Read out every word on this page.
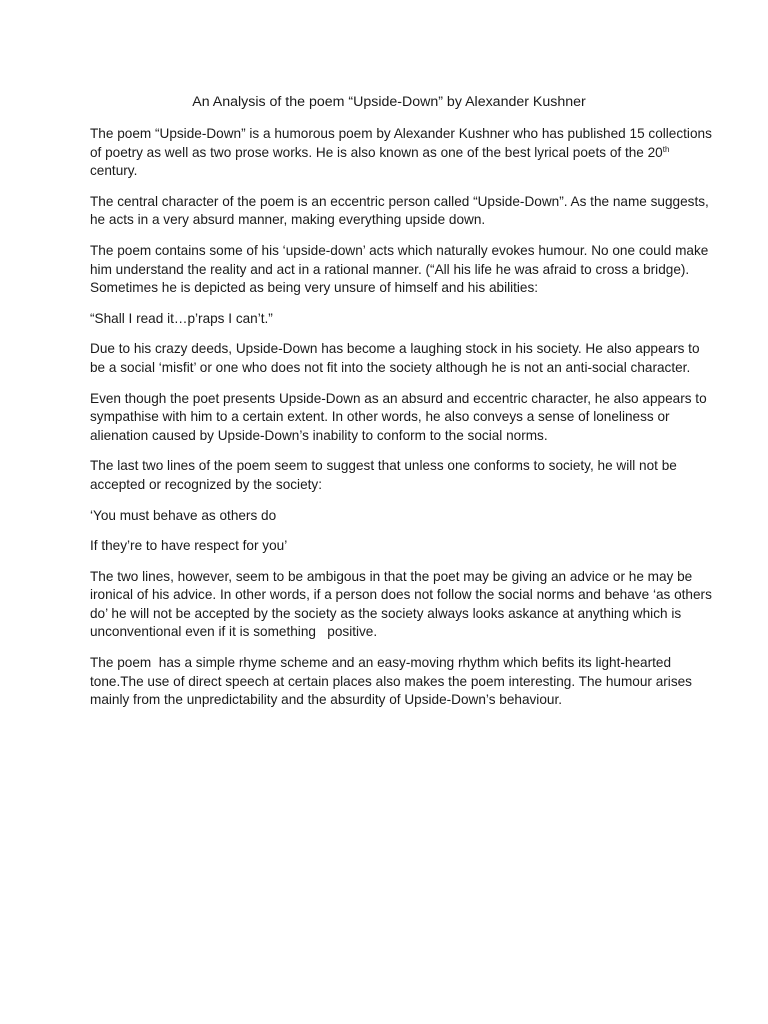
An Analysis of the poem “Upside-Down” by Alexander Kushner

The poem “Upside-Down” is a humorous poem by Alexander Kushner who has published 15 collections of poetry as well as two prose works. He is also known as one of the best lyrical poets of the 20th century.

The central character of the poem is an eccentric person called “Upside-Down”. As the name suggests, he acts in a very absurd manner, making everything upside down.

The poem contains some of his ‘upside-down’ acts which naturally evokes humour. No one could make him understand the reality and act in a rational manner. (“All his life he was afraid to cross a bridge). Sometimes he is depicted as being very unsure of himself and his abilities:

“Shall I read it…p’raps I can’t.”

Due to his crazy deeds, Upside-Down has become a laughing stock in his society. He also appears to be a social ‘misfit’ or one who does not fit into the society although he is not an anti-social character.

Even though the poet presents Upside-Down as an absurd and eccentric character, he also appears to sympathise with him to a certain extent. In other words, he also conveys a sense of loneliness or alienation caused by Upside-Down’s inability to conform to the social norms.

The last two lines of the poem seem to suggest that unless one conforms to society, he will not be accepted or recognized by the society:

‘You must behave as others do

If they’re to have respect for you’

The two lines, however, seem to be ambigous in that the poet may be giving an advice or he may be ironical of his advice. In other words, if a person does not follow the social norms and behave ‘as others do’ he will not be accepted by the society as the society always looks askance at anything which is unconventional even if it is something   positive.

The poem  has a simple rhyme scheme and an easy-moving rhythm which befits its light-hearted tone.The use of direct speech at certain places also makes the poem interesting. The humour arises mainly from the unpredictability and the absurdity of Upside-Down’s behaviour.
